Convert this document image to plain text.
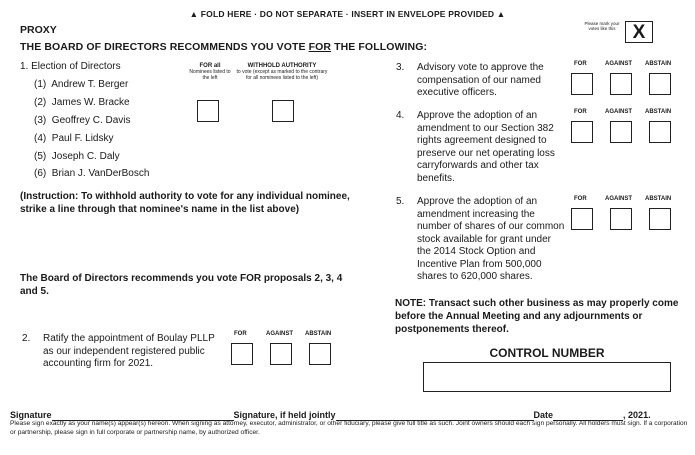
▲ FOLD HERE · DO NOT SEPARATE · INSERT IN ENVELOPE PROVIDED ▲
PROXY
Please mark your votes like this X
THE BOARD OF DIRECTORS RECOMMENDS YOU VOTE FOR THE FOLLOWING:
1. Election of Directors
(1) Andrew T. Berger
(2) James W. Bracke
(3) Geoffrey C. Davis
(4) Paul F. Lidsky
(5) Joseph C. Daly
(6) Brian J. VanDerBosch
FOR all
Nominees listed to the left
WITHHOLD AUTHORITY
to vote (except as marked to the contrary for all nominees listed to the left)
(Instruction: To withhold authority to vote for any individual nominee, strike a line through that nominee's name in the list above)
The Board of Directors recommends you vote FOR proposals 2, 3, 4 and 5.
2. Ratify the appointment of Boulay PLLP as our independent registered public accounting firm for 2021.
FOR	AGAINST ABSTAIN
3. Advisory vote to approve the compensation of our named executive officers.
FOR	AGAINST ABSTAIN
4. Approve the adoption of an amendment to our Section 382 rights agreement designed to preserve our net operating loss carryforwards and other tax benefits.
FOR	AGAINST ABSTAIN
5. Approve the adoption of an amendment increasing the number of shares of our common stock available for grant under the 2014 Stock Option and Incentive Plan from 500,000 shares to 620,000 shares.
FOR	AGAINST ABSTAIN
NOTE: Transact such other business as may properly come before the Annual Meeting and any adjournments or postponements thereof.
CONTROL NUMBER
Signature	Signature, if held jointly	Date	, 2021.
Please sign exactly as your name(s) appear(s) hereon. When signing as attorney, executor, administrator, or other fiduciary, please give full title as such. Joint owners should each sign personally. All holders must sign. If a corporation or partnership, please sign in full corporate or partnership name, by authorized officer.
